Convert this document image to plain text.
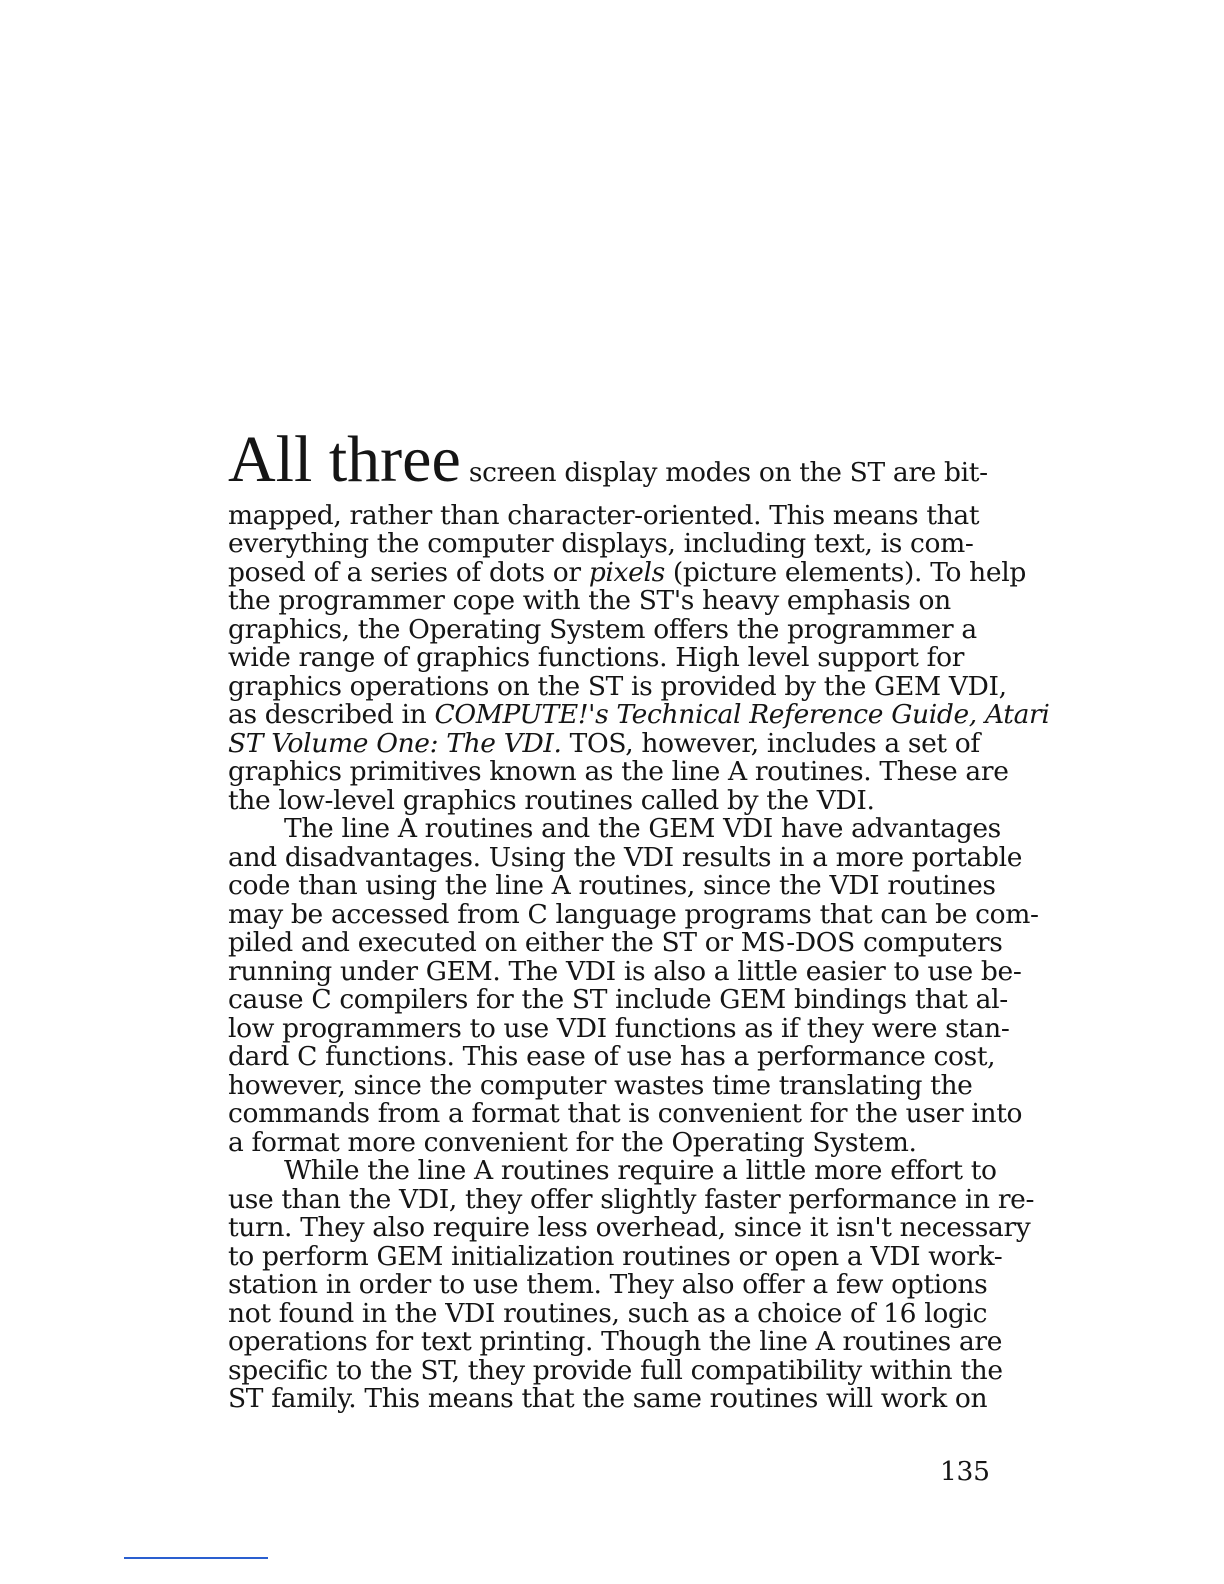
All three screen display modes on the ST are bit-
mapped, rather than character-oriented. This means that
everything the computer displays, including text, is com-
posed of a series of dots or pixels (picture elements). To help
the programmer cope with the ST's heavy emphasis on
graphics, the Operating System offers the programmer a
wide range of graphics functions. High level support for
graphics operations on the ST is provided by the GEM VDI,
as described in COMPUTE!'s Technical Reference Guide, Atari
ST Volume One: The VDI. TOS, however, includes a set of
graphics primitives known as the line A routines. These are
the low-level graphics routines called by the VDI.
The line A routines and the GEM VDI have advantages
and disadvantages. Using the VDI results in a more portable
code than using the line A routines, since the VDI routines
may be accessed from C language programs that can be com-
piled and executed on either the ST or MS-DOS computers
running under GEM. The VDI is also a little easier to use be-
cause C compilers for the ST include GEM bindings that al-
low programmers to use VDI functions as if they were stan-
dard C functions. This ease of use has a performance cost,
however, since the computer wastes time translating the
commands from a format that is convenient for the user into
a format more convenient for the Operating System.
While the line A routines require a little more effort to
use than the VDI, they offer slightly faster performance in re-
turn. They also require less overhead, since it isn't necessary
to perform GEM initialization routines or open a VDI work-
station in order to use them. They also offer a few options
not found in the VDI routines, such as a choice of 16 logic
operations for text printing. Though the line A routines are
specific to the ST, they provide full compatibility within the
ST family. This means that the same routines will work on
135
